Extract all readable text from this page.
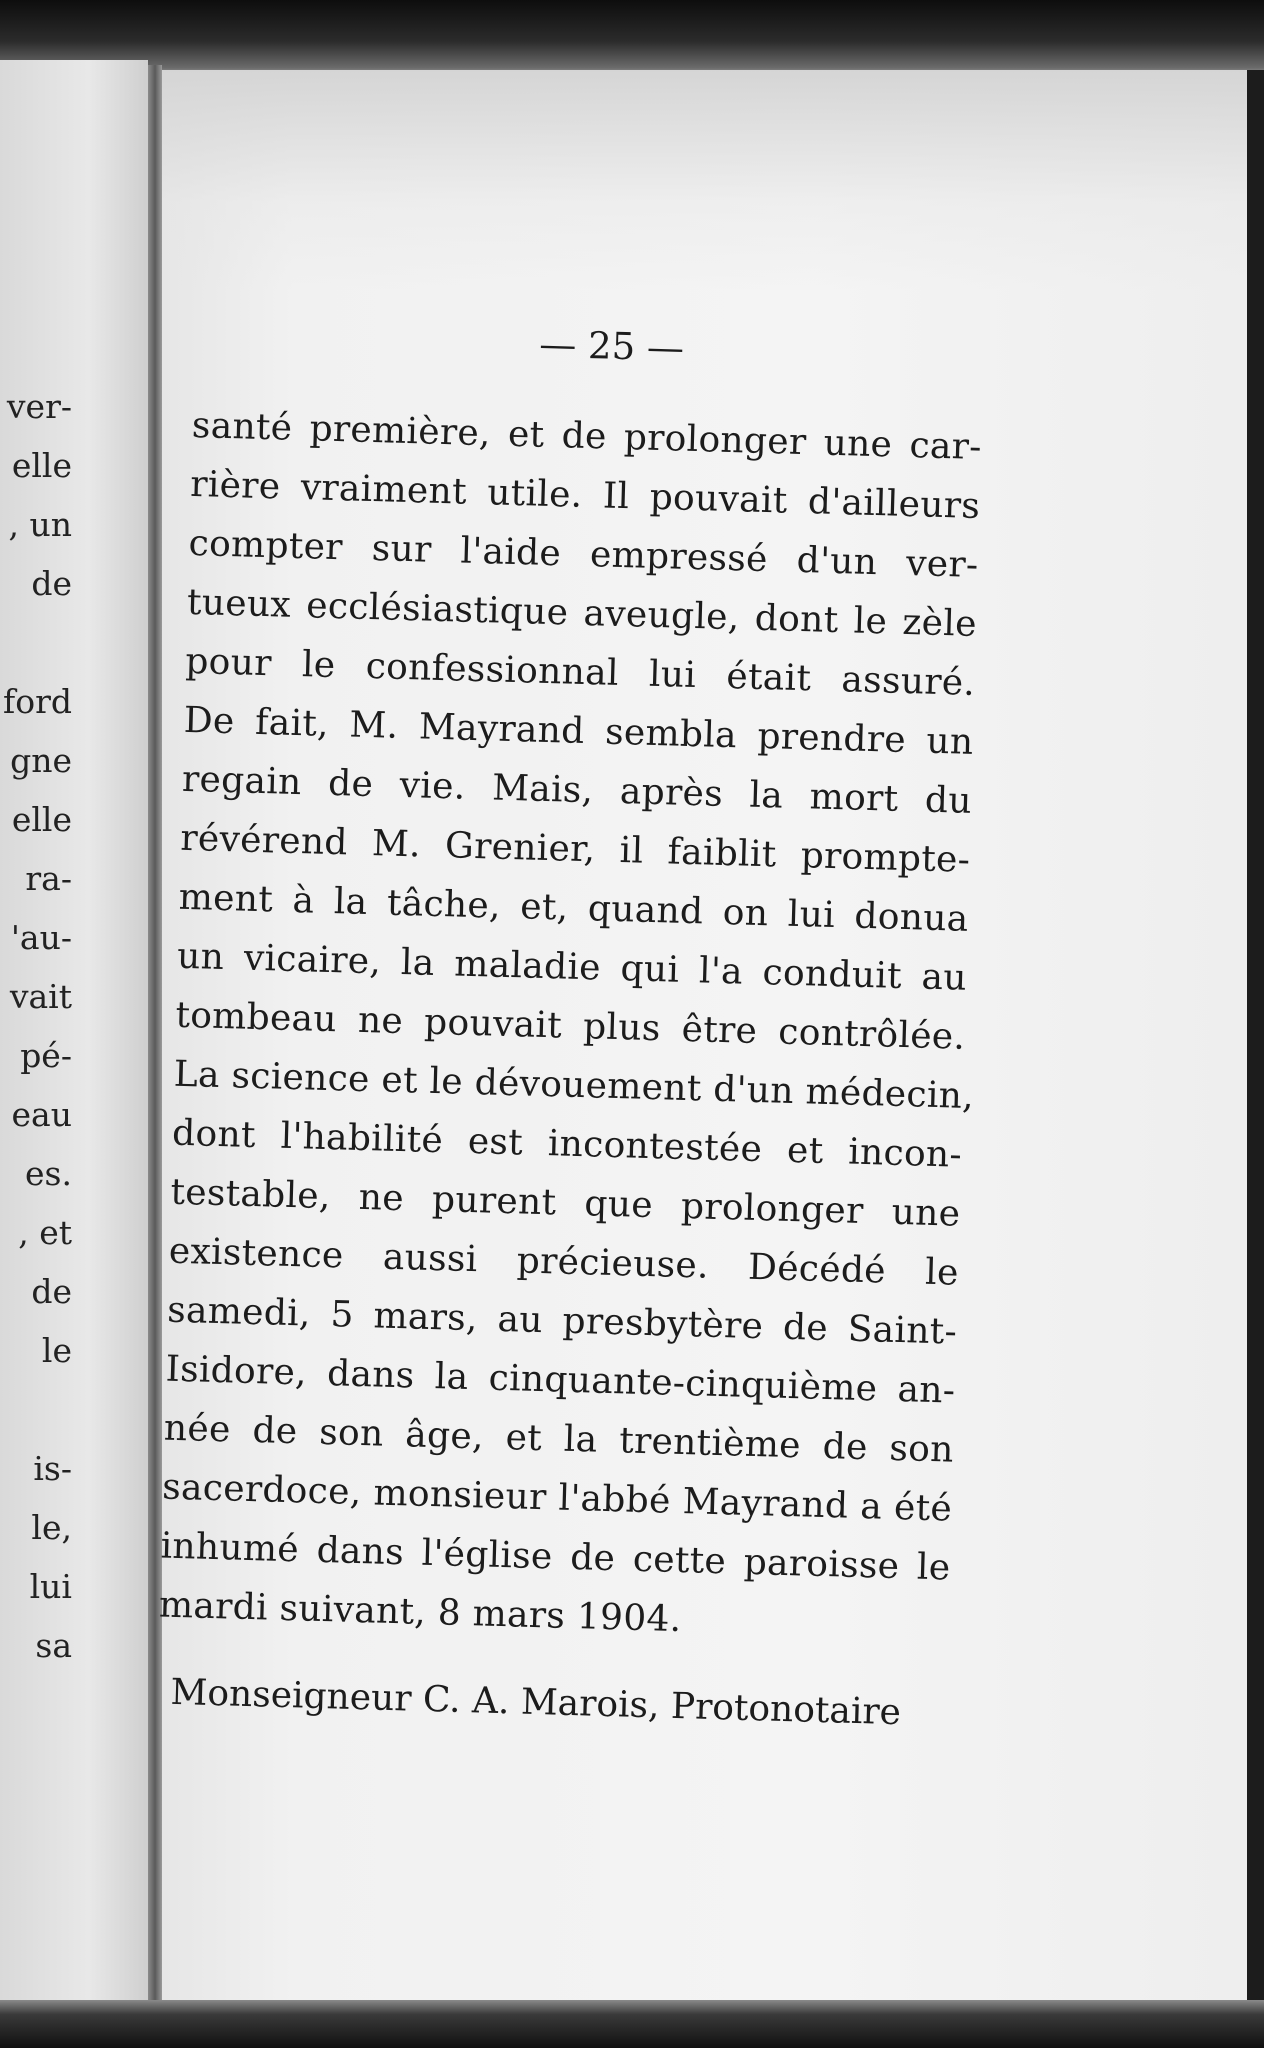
ver-

elle

, un

de

ford

gne

elle

ra-

'au-

vait

pé-

eau

es.

, et

de

le

is-

le,

lui

sa

— 25 —

santé première, et de prolonger une car-
rière vraiment utile. Il pouvait d'ailleurs
compter sur l'aide empressé d'un ver-
tueux ecclésiastique aveugle, dont le zèle
pour le confessionnal lui était assuré.
De fait, M. Mayrand sembla prendre un
regain de vie. Mais, après la mort du
révérend M. Grenier, il faiblit prompte-
ment à la tâche, et, quand on lui donua
un vicaire, la maladie qui l'a conduit au
tombeau ne pouvait plus être contrôlée.
La science et le dévouement d'un médecin,
dont l'habilité est incontestée et incon-
testable, ne purent que prolonger une
existence aussi précieuse. Décédé le
samedi, 5 mars, au presbytère de Saint-
Isidore, dans la cinquante-cinquième an-
née de son âge, et la trentième de son
sacerdoce, monsieur l'abbé Mayrand a été
inhumé dans l'église de cette paroisse le
mardi suivant, 8 mars 1904.
Monseigneur C. A. Marois, Protonotaire
